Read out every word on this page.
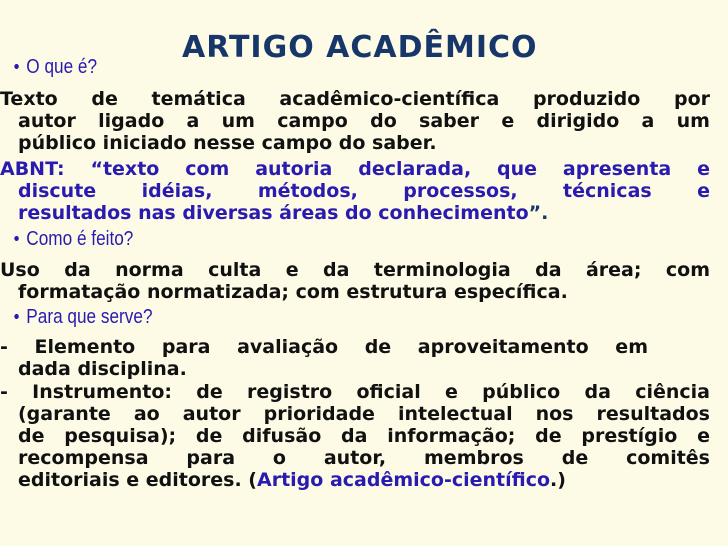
ARTIGO ACADÊMICO
• O que é?
Texto de temática acadêmico-científica produzido por
autor ligado a um campo do saber e dirigido a um
público iniciado nesse campo do saber.
ABNT: “texto com autoria declarada, que apresenta e
discute idéias, métodos, processos, técnicas e
resultados nas diversas áreas do conhecimento”.
• Como é feito?
Uso da norma culta e da terminologia da área; com
formatação normatizada; com estrutura específica.
• Para que serve?
- Elemento para avaliação de aproveitamento em
dada disciplina.
- Instrumento: de registro oficial e público da ciência
(garante ao autor prioridade intelectual nos resultados
de pesquisa); de difusão da informação; de prestígio e
recompensa para o autor, membros de comitês
editoriais e editores. (Artigo acadêmico-científico.)
